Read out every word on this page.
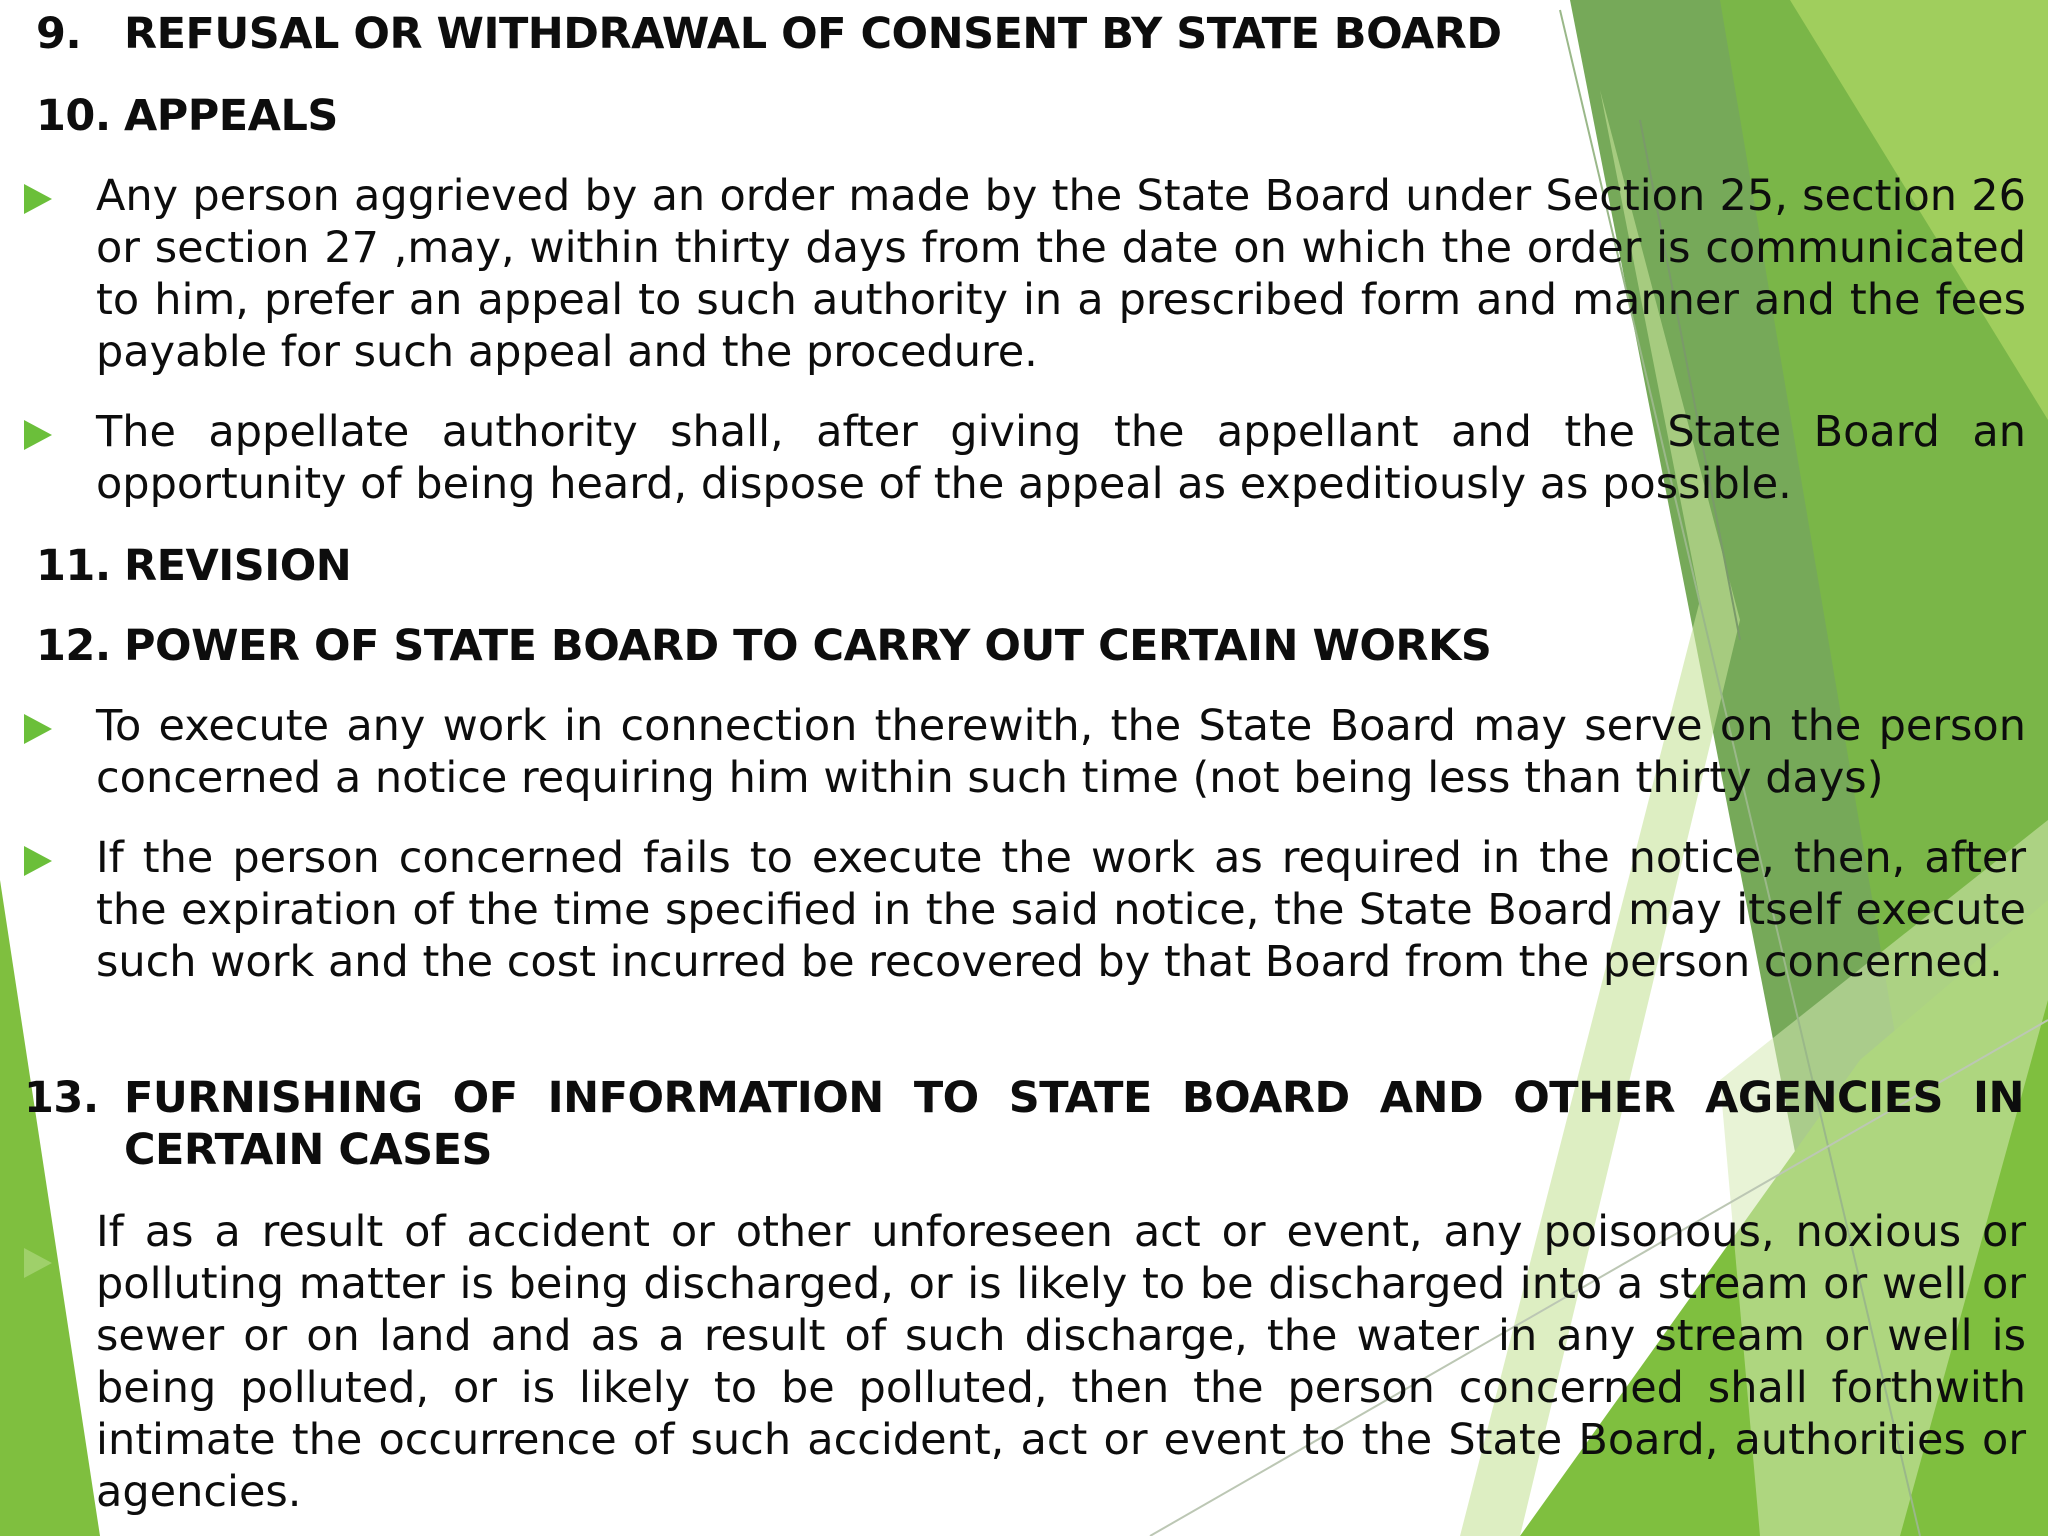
9. REFUSAL OR WITHDRAWAL OF CONSENT BY STATE BOARD
10. APPEALS

Any person aggrieved by an order made by the State Board under Section 25, section 26 or section 27 ,may, within thirty days from the date on which the order is communicated to him, prefer an appeal to such authority in a prescribed form and manner and the fees payable for such appeal and the procedure.

The appellate authority shall, after giving the appellant and the State Board an opportunity of being heard, dispose of the appeal as expeditiously as possible.

11. REVISION
12. POWER OF STATE BOARD TO CARRY OUT CERTAIN WORKS

To execute any work in connection therewith, the State Board may serve on the person concerned a notice requiring him within such time (not being less than thirty days)

If the person concerned fails to execute the work as required in the notice, then, after the expiration of the time specified in the said notice, the State Board may itself execute such work and the cost incurred be recovered by that Board from the person concerned.

13. FURNISHING OF INFORMATION TO STATE BOARD AND OTHER AGENCIES IN CERTAIN CASES

If as a result of accident or other unforeseen act or event, any poisonous, noxious or polluting matter is being discharged, or is likely to be discharged into a stream or well or sewer or on land and as a result of such discharge, the water in any stream or well is being polluted, or is likely to be polluted, then the person concerned shall forthwith intimate the occurrence of such accident, act or event to the State Board, authorities or agencies.
